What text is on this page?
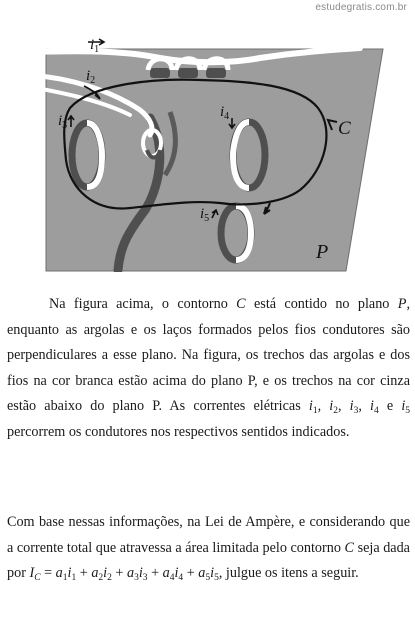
estudegratis.com.br
$i_1$
$i_2$
$i_3$
$i_4$
$i_5$
C
P

Na figura acima, o contorno C está contido no plano P, enquanto as argolas e os laços formados pelos fios condutores são perpendiculares a esse plano. Na figura, os trechos das argolas e dos fios na cor branca estão acima do plano P, e os trechos na cor cinza estão abaixo do plano P. As correntes elétricas $i_1$, $i_2$, $i_3$, $i_4$ e $i_5$ percorrem os condutores nos respectivos sentidos indicados.

Com base nessas informações, na Lei de Ampère, e considerando que a corrente total que atravessa a área limitada pelo contorno C seja dada por $I_C = a_1i_1 + a_2i_2 + a_3i_3 + a_4i_4 + a_5i_5$, julgue os itens a seguir.
